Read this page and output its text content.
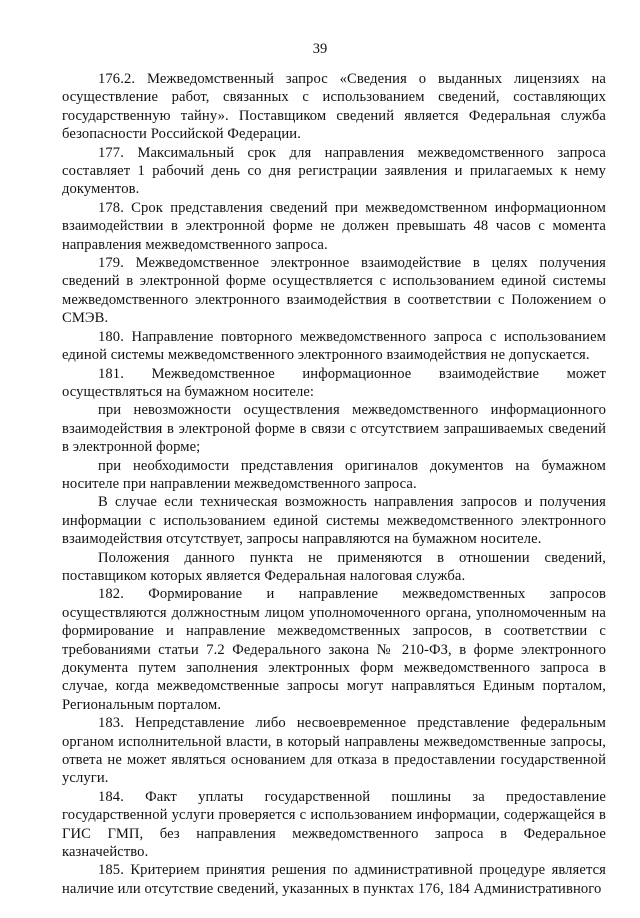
39

176.2. Межведомственный запрос «Сведения о выданных лицензиях на осуществление работ, связанных с использованием сведений, составляющих государственную тайну». Поставщиком сведений является Федеральная служба безопасности Российской Федерации.

177. Максимальный срок для направления межведомственного запроса составляет 1 рабочий день со дня регистрации заявления и прилагаемых к нему документов.

178. Срок представления сведений при межведомственном информационном взаимодействии в электронной форме не должен превышать 48 часов с момента направления межведомственного запроса.

179. Межведомственное электронное взаимодействие в целях получения сведений в электронной форме осуществляется с использованием единой системы межведомственного электронного взаимодействия в соответствии с Положением о СМЭВ.

180. Направление повторного межведомственного запроса с использованием единой системы межведомственного электронного взаимодействия не допускается.

181. Межведомственное информационное взаимодействие может осуществляться на бумажном носителе:

при невозможности осуществления межведомственного информационного взаимодействия в электроной форме в связи с отсутствием запрашиваемых сведений в электронной форме;

при необходимости представления оригиналов документов на бумажном носителе при направлении межведомственного запроса.

В случае если техническая возможность направления запросов и получения информации с использованием единой системы межведомственного электронного взаимодействия отсутствует, запросы направляются на бумажном носителе.

Положения данного пункта не применяются в отношении сведений, поставщиком которых является Федеральная налоговая служба.

182. Формирование и направление межведомственных запросов осуществляются должностным лицом уполномоченного органа, уполномоченным на формирование и направление межведомственных запросов, в соответствии с требованиями статьи 7.2 Федерального закона № 210-ФЗ, в форме электронного документа путем заполнения электронных форм межведомственного запроса в случае, когда межведомственные запросы могут направляться Единым порталом, Региональным порталом.

183. Непредставление либо несвоевременное представление федеральным органом исполнительной власти, в который направлены межведомственные запросы, ответа не может являться основанием для отказа в предоставлении государственной услуги.

184. Факт уплаты государственной пошлины за предоставление государственной услуги проверяется с использованием информации, содержащейся в ГИС ГМП, без направления межведомственного запроса в Федеральное казначейство.

185. Критерием принятия решения по административной процедуре является наличие или отсутствие сведений, указанных в пунктах 176, 184 Административного
